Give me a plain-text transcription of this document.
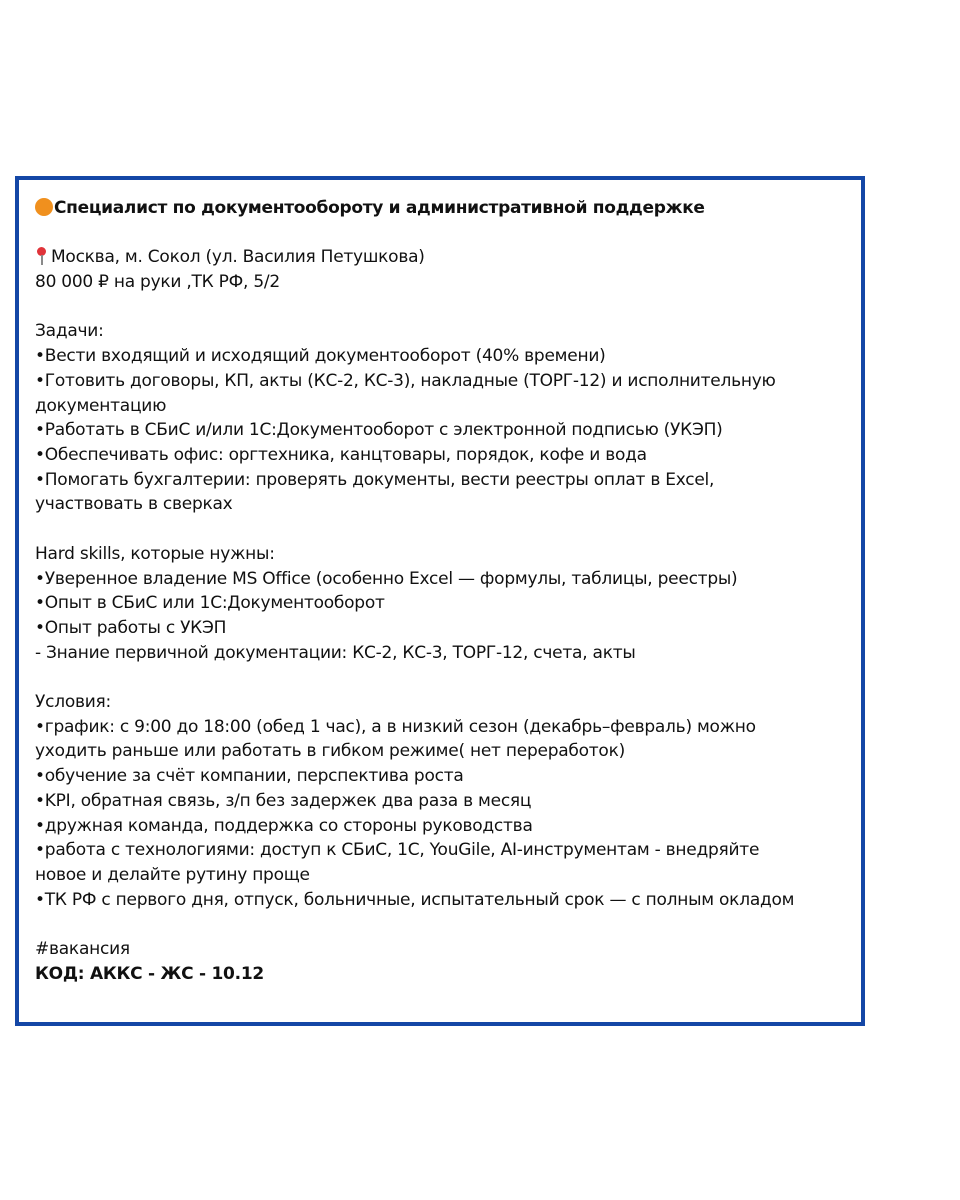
Специалист по документообороту и административной поддержке
Москва, м. Сокол (ул. Василия Петушкова)
80 000 ₽ на руки ,ТК РФ, 5/2
Задачи:
•Вести входящий и исходящий документооборот (40% времени)
•Готовить договоры, КП, акты (КС-2, КС-3), накладные (ТОРГ-12) и исполнительную
документацию
•Работать в СБиС и/или 1С:Документооборот с электронной подписью (УКЭП)
•Обеспечивать офис: оргтехника, канцтовары, порядок, кофе и вода
•Помогать бухгалтерии: проверять документы, вести реестры оплат в Excel,
участвовать в сверках
Hard skills, которые нужны:
•Уверенное владение MS Office (особенно Excel — формулы, таблицы, реестры)
•Опыт в СБиС или 1С:Документооборот
•Опыт работы с УКЭП
- Знание первичной документации: КС-2, КС-3, ТОРГ-12, счета, акты
Условия:
•график: с 9:00 до 18:00 (обед 1 час), а в низкий сезон (декабрь–февраль) можно
уходить раньше или работать в гибком режиме( нет переработок)
•обучение за счёт компании, перспектива роста
•KPI, обратная связь, з/п без задержек два раза в месяц
•дружная команда, поддержка со стороны руководства
•работа с технологиями: доступ к СБиС, 1С, YouGile, AI-инструментам - внедряйте
новое и делайте рутину проще
•ТК РФ с первого дня, отпуск, больничные, испытательный срок — с полным окладом
#вакансия
КОД: АККС - ЖС - 10.12
